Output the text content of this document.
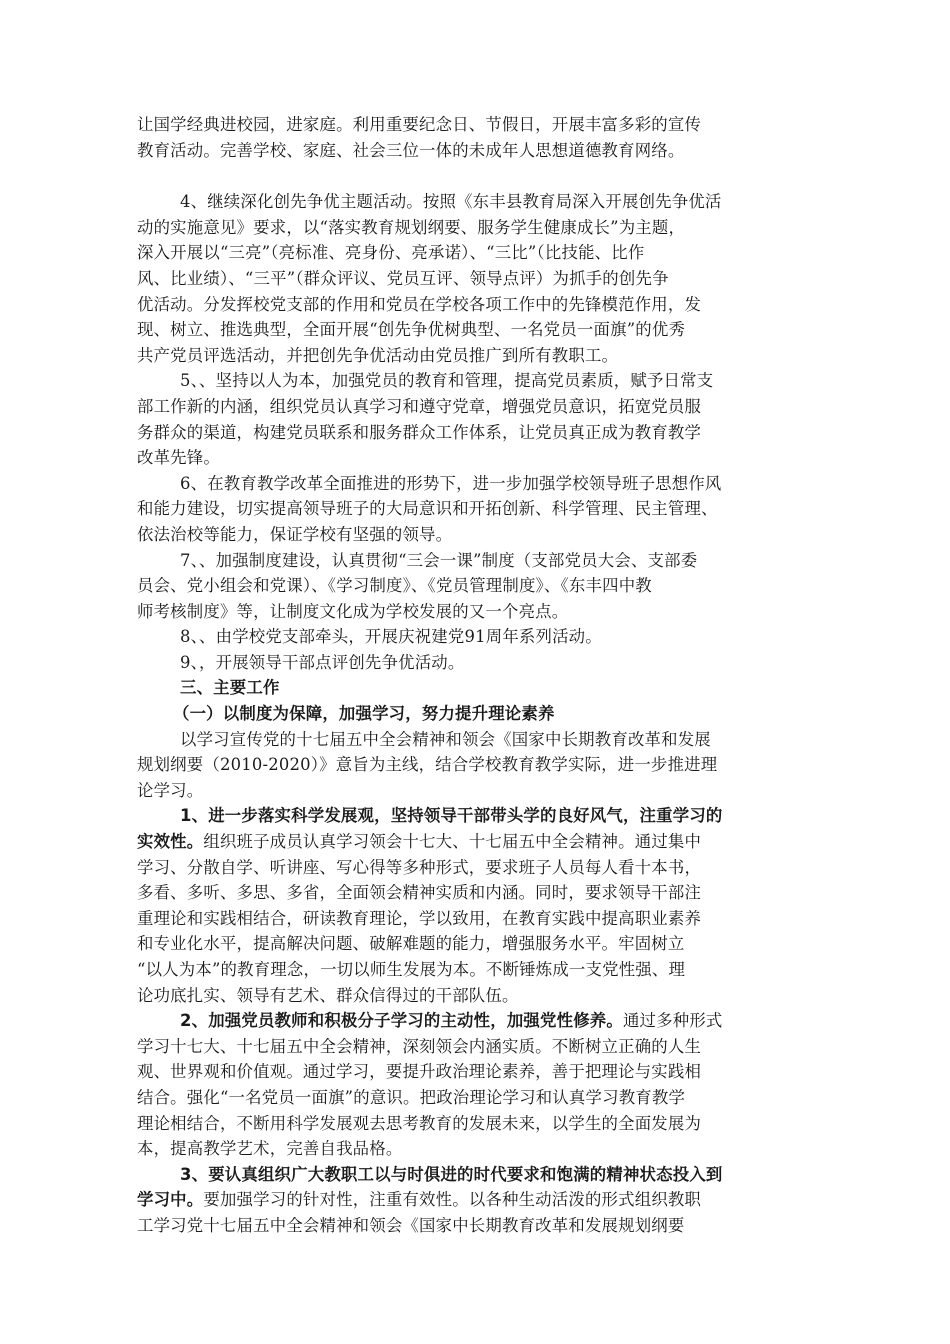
让国学经典进校园，进家庭。利用重要纪念日、节假日，开展丰富多彩的宣传
教育活动。完善学校、家庭、社会三位一体的未成年人思想道德教育网络。
4、继续深化创先争优主题活动。按照《东丰县教育局深入开展创先争优活
动的实施意见》要求，以“落实教育规划纲要、服务学生健康成长”为主题，
深入开展以“三亮”（亮标准、亮身份、亮承诺）、“三比”（比技能、比作
风、比业绩）、“三平”（群众评议、党员互评、领导点评）为抓手的创先争
优活动。分发挥校党支部的作用和党员在学校各项工作中的先锋模范作用，发
现、树立、推选典型，全面开展“创先争优树典型、一名党员一面旗”的优秀
共产党员评选活动，并把创先争优活动由党员推广到所有教职工。
5、、坚持以人为本，加强党员的教育和管理，提高党员素质，赋予日常支
部工作新的内涵，组织党员认真学习和遵守党章，增强党员意识，拓宽党员服
务群众的渠道，构建党员联系和服务群众工作体系，让党员真正成为教育教学
改革先锋。
6、在教育教学改革全面推进的形势下，进一步加强学校领导班子思想作风
和能力建设，切实提高领导班子的大局意识和开拓创新、科学管理、民主管理、
依法治校等能力，保证学校有坚强的领导。
7、、加强制度建设，认真贯彻“三会一课”制度（支部党员大会、支部委
员会、党小组会和党课）、《学习制度》、《党员管理制度》、《东丰四中教
师考核制度》等，让制度文化成为学校发展的又一个亮点。
8、、由学校党支部牵头，开展庆祝建党91周年系列活动。
9、，开展领导干部点评创先争优活动。
三、主要工作
（一）以制度为保障，加强学习，努力提升理论素养
以学习宣传党的十七届五中全会精神和领会《国家中长期教育改革和发展
规划纲要（2010-2020）》意旨为主线，结合学校教育教学实际，进一步推进理
论学习。
1、进一步落实科学发展观，坚持领导干部带头学的良好风气，注重学习的
实效性。组织班子成员认真学习领会十七大、十七届五中全会精神。通过集中
学习、分散自学、听讲座、写心得等多种形式，要求班子人员每人看十本书，
多看、多听、多思、多省，全面领会精神实质和内涵。同时，要求领导干部注
重理论和实践相结合，研读教育理论，学以致用，在教育实践中提高职业素养
和专业化水平，提高解决问题、破解难题的能力，增强服务水平。牢固树立
“以人为本”的教育理念，一切以师生发展为本。不断锤炼成一支党性强、理
论功底扎实、领导有艺术、群众信得过的干部队伍。
2、加强党员教师和积极分子学习的主动性，加强党性修养。通过多种形式
学习十七大、十七届五中全会精神，深刻领会内涵实质。不断树立正确的人生
观、世界观和价值观。通过学习，要提升政治理论素养，善于把理论与实践相
结合。强化“一名党员一面旗”的意识。把政治理论学习和认真学习教育教学
理论相结合，不断用科学发展观去思考教育的发展未来，以学生的全面发展为
本，提高教学艺术，完善自我品格。
3、要认真组织广大教职工以与时俱进的时代要求和饱满的精神状态投入到
学习中。要加强学习的针对性，注重有效性。以各种生动活泼的形式组织教职
工学习党十七届五中全会精神和领会《国家中长期教育改革和发展规划纲要
